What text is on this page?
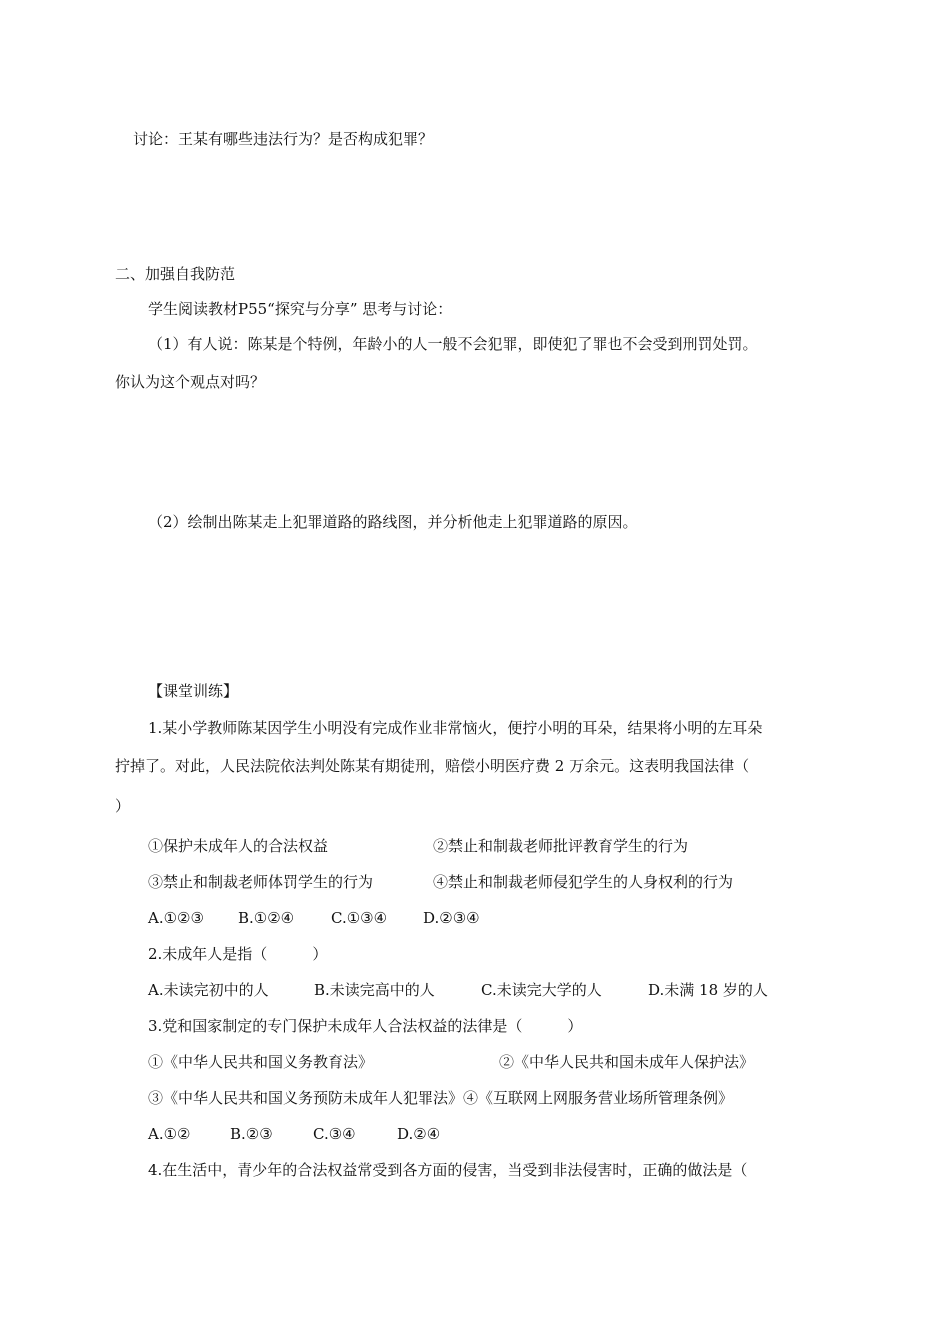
讨论：王某有哪些违法行为？是否构成犯罪？
二、加强自我防范
学生阅读教材P55“探究与分享” 思考与讨论：
（1）有人说：陈某是个特例，年龄小的人一般不会犯罪，即使犯了罪也不会受到刑罚处罚。
你认为这个观点对吗？
（2）绘制出陈某走上犯罪道路的路线图，并分析他走上犯罪道路的原因。
【课堂训练】
1.某小学教师陈某因学生小明没有完成作业非常恼火，便拧小明的耳朵，结果将小明的左耳朵
拧掉了。对此，人民法院依法判处陈某有期徒刑，赔偿小明医疗费 2 万余元。这表明我国法律（
）
①保护未成年人的合法权益	②禁止和制裁老师批评教育学生的行为
③禁止和制裁老师体罚学生的行为	④禁止和制裁老师侵犯学生的人身权利的行为
A.①②③ B.①②④ C.①③④ D.②③④
2.未成年人是指（　　　）
A.未读完初中的人	B.未读完高中的人	C.未读完大学的人	D.未满 18 岁的人
3.党和国家制定的专门保护未成年人合法权益的法律是（　　　）
①《中华人民共和国义务教育法》	②《中华人民共和国未成年人保护法》
③《中华人民共和国义务预防未成年人犯罪法》④《互联网上网服务营业场所管理条例》
A.①②	B.②③	C.③④	D.②④
4.在生活中，青少年的合法权益常受到各方面的侵害，当受到非法侵害时，正确的做法是（
